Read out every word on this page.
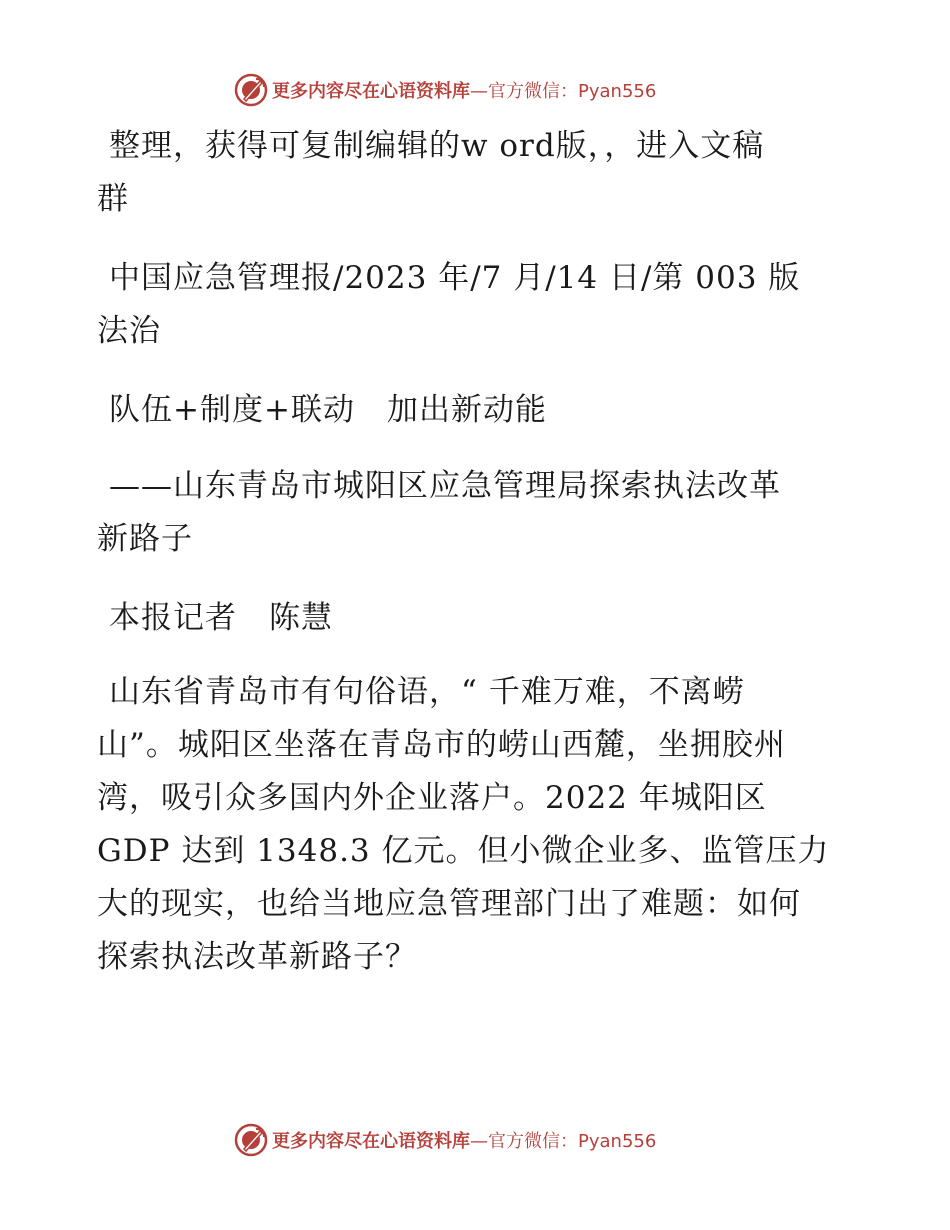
更多内容尽在心语资料库—官方微信：Pyan556

整理，获得可复制编辑的w ord版，，进入文稿
群

中国应急管理报/2023 年/7 月/14 日/第 003 版
法治

队伍+制度+联动　加出新动能

——山东青岛市城阳区应急管理局探索执法改革
新路子

本报记者　陈慧

山东省青岛市有句俗语，“ 千难万难，不离崂
山”。城阳区坐落在青岛市的崂山西麓，坐拥胶州
湾，吸引众多国内外企业落户。2022 年城阳区
GDP 达到 1348.3 亿元。但小微企业多、监管压力
大的现实，也给当地应急管理部门出了难题：如何
探索执法改革新路子？

更多内容尽在心语资料库—官方微信：Pyan556
